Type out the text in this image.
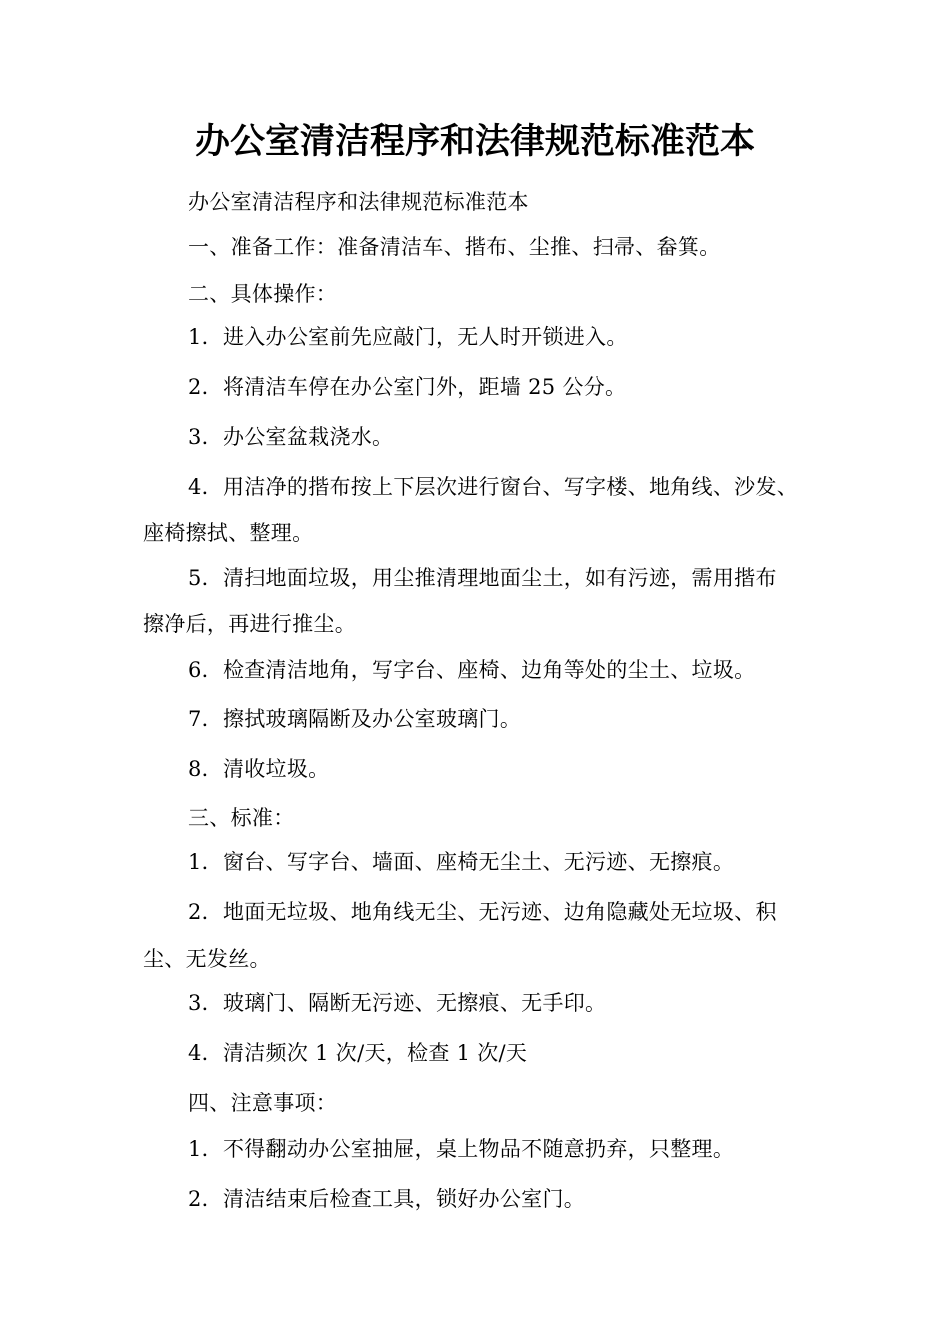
办公室清洁程序和法律规范标准范本
办公室清洁程序和法律规范标准范本
一、准备工作：准备清洁车、揩布、尘推、扫帚、畚箕。
二、具体操作：
1．进入办公室前先应敲门，无人时开锁进入。
2．将清洁车停在办公室门外，距墙 25 公分。
3．办公室盆栽浇水。
4．用洁净的揩布按上下层次进行窗台、写字楼、地角线、沙发、
座椅擦拭、整理。
5．清扫地面垃圾，用尘推清理地面尘土，如有污迹，需用揩布
擦净后，再进行推尘。
6．检查清洁地角，写字台、座椅、边角等处的尘土、垃圾。
7．擦拭玻璃隔断及办公室玻璃门。
8．清收垃圾。
三、标准：
1．窗台、写字台、墙面、座椅无尘土、无污迹、无擦痕。
2．地面无垃圾、地角线无尘、无污迹、边角隐藏处无垃圾、积
尘、无发丝。
3．玻璃门、隔断无污迹、无擦痕、无手印。
4．清洁频次 1 次/天，检查 1 次/天
四、注意事项：
1．不得翻动办公室抽屉，桌上物品不随意扔弃，只整理。
2．清洁结束后检查工具，锁好办公室门。
